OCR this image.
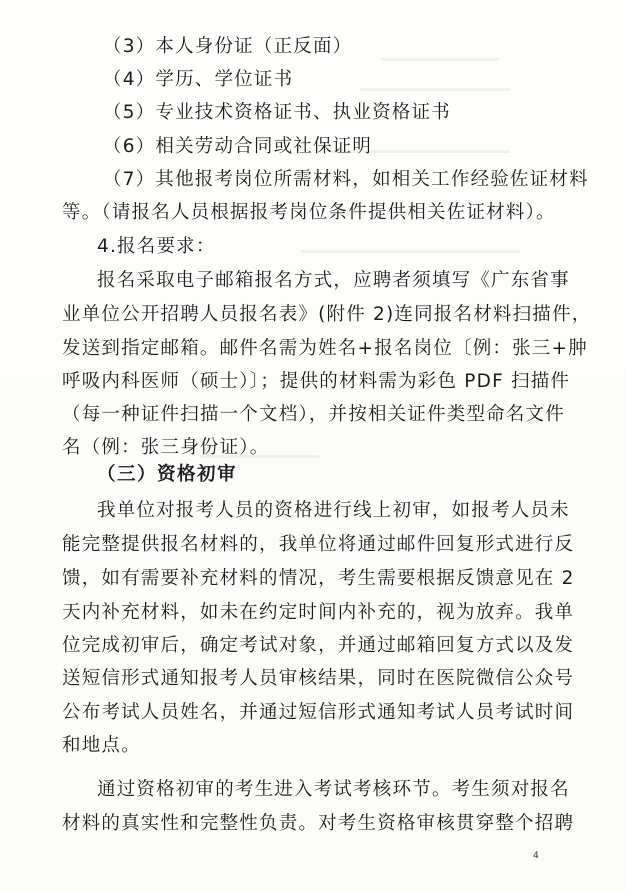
（3）本人身份证（正反面）
（4）学历、学位证书
（5）专业技术资格证书、执业资格证书
（6）相关劳动合同或社保证明
（7）其他报考岗位所需材料，如相关工作经验佐证材料
等。（请报名人员根据报考岗位条件提供相关佐证材料）。
4.报名要求：
报名采取电子邮箱报名方式，应聘者须填写《广东省事
业单位公开招聘人员报名表》(附件 2)连同报名材料扫描件，
发送到指定邮箱。邮件名需为姓名+报名岗位〔例：张三+肿
呼吸内科医师（硕士）〕；提供的材料需为彩色 PDF 扫描件
（每一种证件扫描一个文档），并按相关证件类型命名文件
名（例：张三身份证）。
（三）资格初审
我单位对报考人员的资格进行线上初审，如报考人员未
能完整提供报名材料的，我单位将通过邮件回复形式进行反
馈，如有需要补充材料的情况，考生需要根据反馈意见在 2
天内补充材料，如未在约定时间内补充的，视为放弃。我单
位完成初审后，确定考试对象，并通过邮箱回复方式以及发
送短信形式通知报考人员审核结果，同时在医院微信公众号
公布考试人员姓名，并通过短信形式通知考试人员考试时间
和地点。
通过资格初审的考生进入考试考核环节。考生须对报名
材料的真实性和完整性负责。对考生资格审核贯穿整个招聘
4
